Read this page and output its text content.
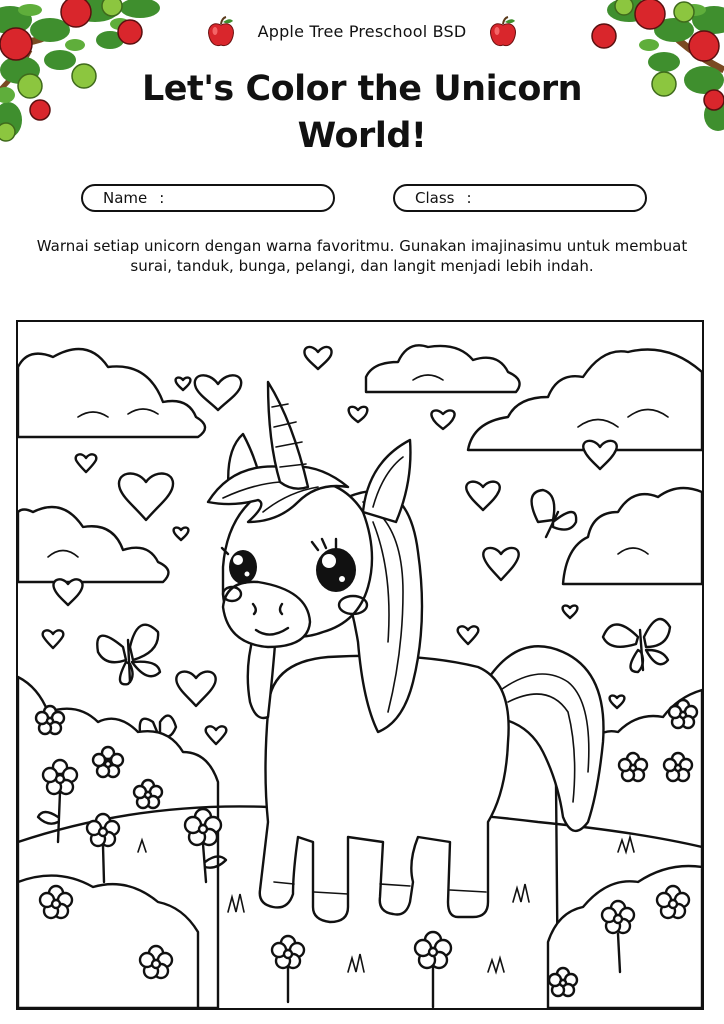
Apple Tree Preschool BSD
Let's Color the Unicorn
World!
Name :	Class :
Warnai setiap unicorn dengan warna favoritmu. Gunakan imajinasimu untuk membuat surai, tanduk, bunga, pelangi, dan langit menjadi lebih indah.
